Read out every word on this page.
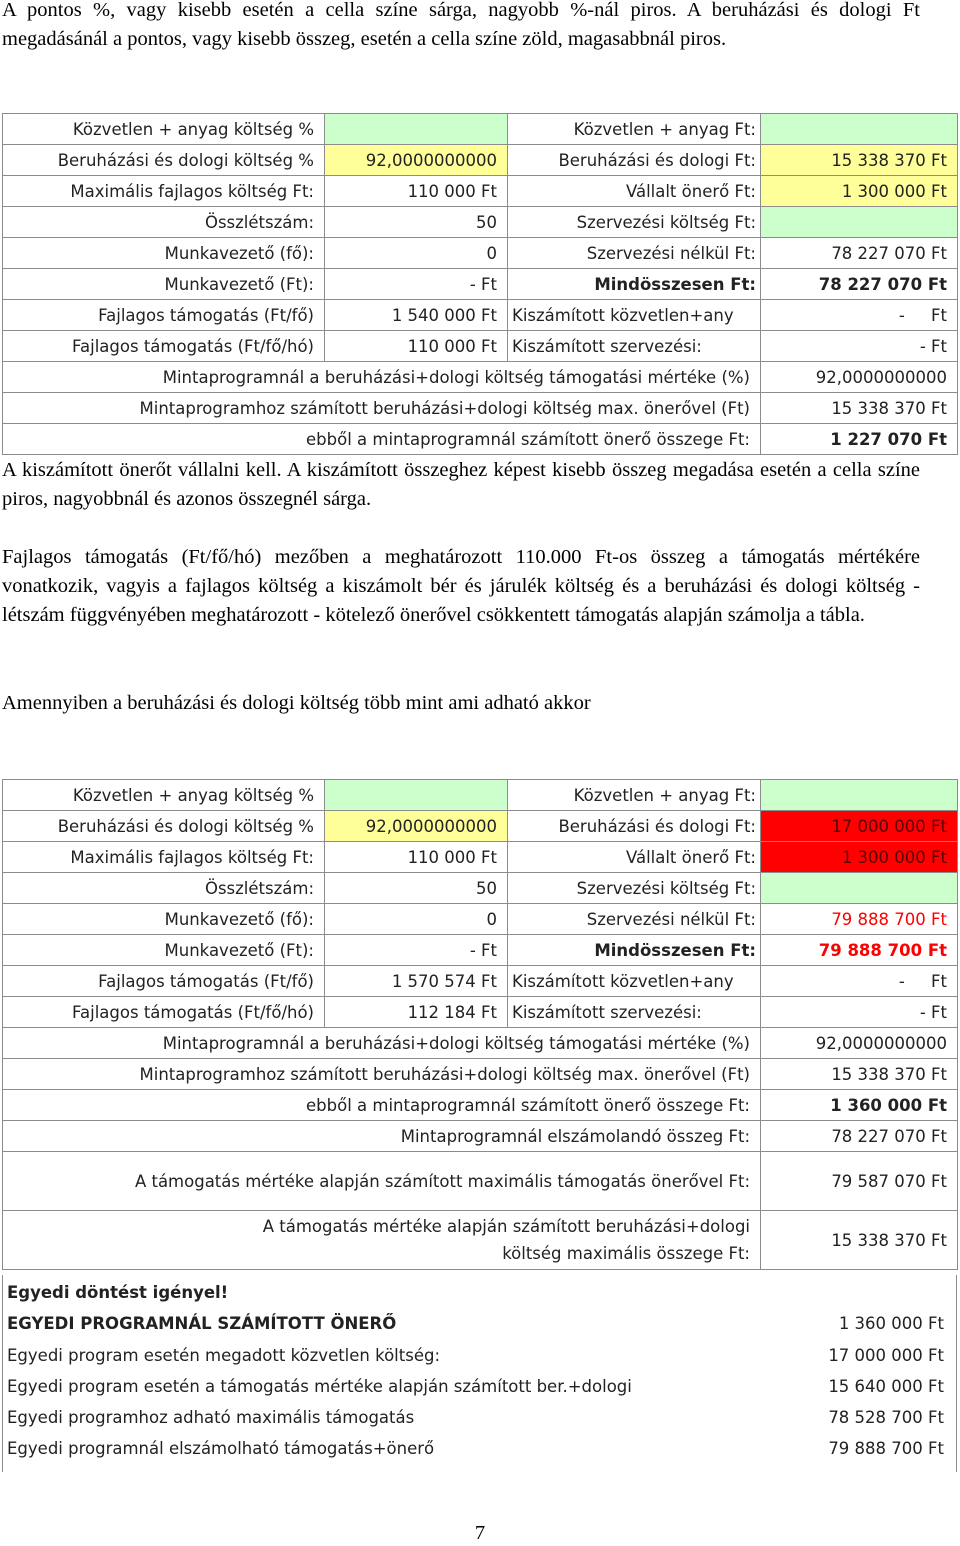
A pontos %, vagy kisebb esetén a cella színe sárga, nagyobb %-nál piros. A beruházási és dologi Ft megadásánál a pontos, vagy kisebb összeg, esetén a cella színe zöld, magasabbnál piros.
Közvetlen + anyag költség %		Közvetlen + anyag Ft:	
Beruházási és dologi költség %	92,0000000000	Beruházási és dologi Ft:	15 338 370 Ft
Maximális fajlagos költség Ft:	110 000 Ft	Vállalt önerő Ft:	1 300 000 Ft
Összlétszám:	50	Szervezési költség Ft:	
Munkavezető (fő):	0	Szervezési nélkül Ft:	78 227 070 Ft
Munkavezető (Ft):	- Ft	Mindösszesen Ft:	78 227 070 Ft
Fajlagos támogatás (Ft/fő)	1 540 000 Ft	Kiszámított közvetlen+any	-     Ft
Fajlagos támogatás (Ft/fő/hó)	110 000 Ft	Kiszámított szervezési:	- Ft
Mintaprogramnál a beruházási+dologi költség támogatási mértéke (%)			92,0000000000
Mintaprogramhoz számított beruházási+dologi költség max. önerővel (Ft)			15 338 370 Ft
ebből a mintaprogramnál számított önerő összege Ft:			1 227 070 Ft
A kiszámított önerőt vállalni kell. A kiszámított összeghez képest kisebb összeg megadása esetén a cella színe piros, nagyobbnál és azonos összegnél sárga.
Fajlagos támogatás (Ft/fő/hó) mezőben a meghatározott 110.000 Ft-os összeg a támogatás mértékére vonatkozik, vagyis a fajlagos költség a kiszámolt bér és járulék költség és a beruházási és dologi költség - létszám függvényében meghatározott - kötelező önerővel csökkentett támogatás alapján számolja a tábla.
Amennyiben a beruházási és dologi költség több mint ami adható akkor
Közvetlen + anyag költség %		Közvetlen + anyag Ft:	
Beruházási és dologi költség %	92,0000000000	Beruházási és dologi Ft:	17 000 000 Ft
Maximális fajlagos költség Ft:	110 000 Ft	Vállalt önerő Ft:	1 300 000 Ft
Összlétszám:	50	Szervezési költség Ft:	
Munkavezető (fő):	0	Szervezési nélkül Ft:	79 888 700 Ft
Munkavezető (Ft):	- Ft	Mindösszesen Ft:	79 888 700 Ft
Fajlagos támogatás (Ft/fő)	1 570 574 Ft	Kiszámított közvetlen+any	-     Ft
Fajlagos támogatás (Ft/fő/hó)	112 184 Ft	Kiszámított szervezési:	- Ft
Mintaprogramnál a beruházási+dologi költség támogatási mértéke (%)			92,0000000000
Mintaprogramhoz számított beruházási+dologi költség max. önerővel (Ft)			15 338 370 Ft
ebből a mintaprogramnál számított önerő összege Ft:			1 360 000 Ft
Mintaprogramnál elszámolandó összeg Ft:			78 227 070 Ft
A támogatás mértéke alapján számított maximális támogatás önerővel Ft:			79 587 070 Ft
A támogatás mértéke alapján számított beruházási+dologi költség maximális összege Ft:			15 338 370 Ft
Egyedi döntést igényel!
EGYEDI PROGRAMNÁL SZÁMÍTOTT ÖNERŐ	1 360 000 Ft
Egyedi program esetén megadott közvetlen költség:	17 000 000 Ft
Egyedi program esetén a támogatás mértéke alapján számított ber.+dologi	15 640 000 Ft
Egyedi programhoz adható maximális támogatás	78 528 700 Ft
Egyedi programnál elszámolható támogatás+önerő	79 888 700 Ft
7
